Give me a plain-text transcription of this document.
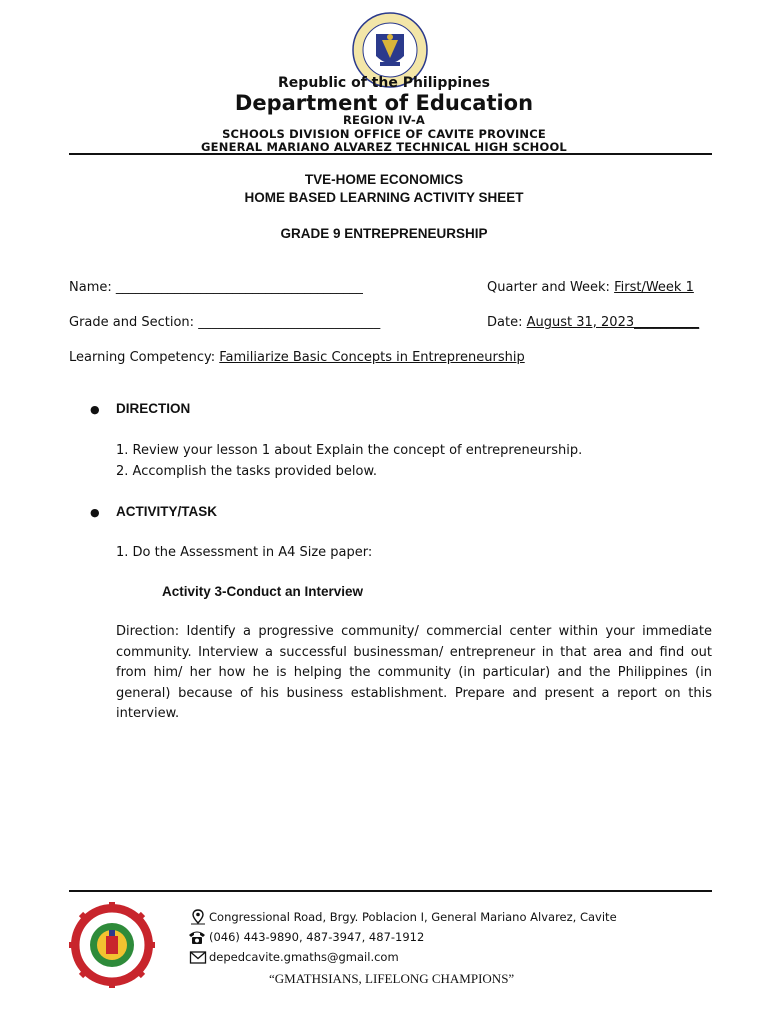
Republic of the Philippines
Department of Education
REGION IV-A
SCHOOLS DIVISION OFFICE OF CAVITE PROVINCE
GENERAL MARIANO ALVAREZ TECHNICAL HIGH SCHOOL
TVE-HOME ECONOMICS
HOME BASED LEARNING ACTIVITY SHEET
GRADE 9 ENTREPRENEURSHIP
Name: ______________________________________	Quarter and Week: First/Week 1
Grade and Section: ____________________________	Date: August 31, 2023__________
Learning Competency: Familiarize Basic Concepts in Entrepreneurship
● DIRECTION
1. Review your lesson 1 about Explain the concept of entrepreneurship.
2. Accomplish the tasks provided below.
● ACTIVITY/TASK
1. Do the Assessment in A4 Size paper:
Activity 3-Conduct an Interview
Direction: Identify a progressive community/ commercial center within your immediate community. Interview a successful businessman/ entrepreneur in that area and find out from him/ her how he is helping the community (in particular) and the Philippines (in general) because of his business establishment. Prepare and present a report on this interview.
Congressional Road, Brgy. Poblacion I, General Mariano Alvarez, Cavite
(046) 443-9890, 487-3947, 487-1912
depedcavite.gmaths@gmail.com
“GMATHSIANS, LIFELONG CHAMPIONS”
